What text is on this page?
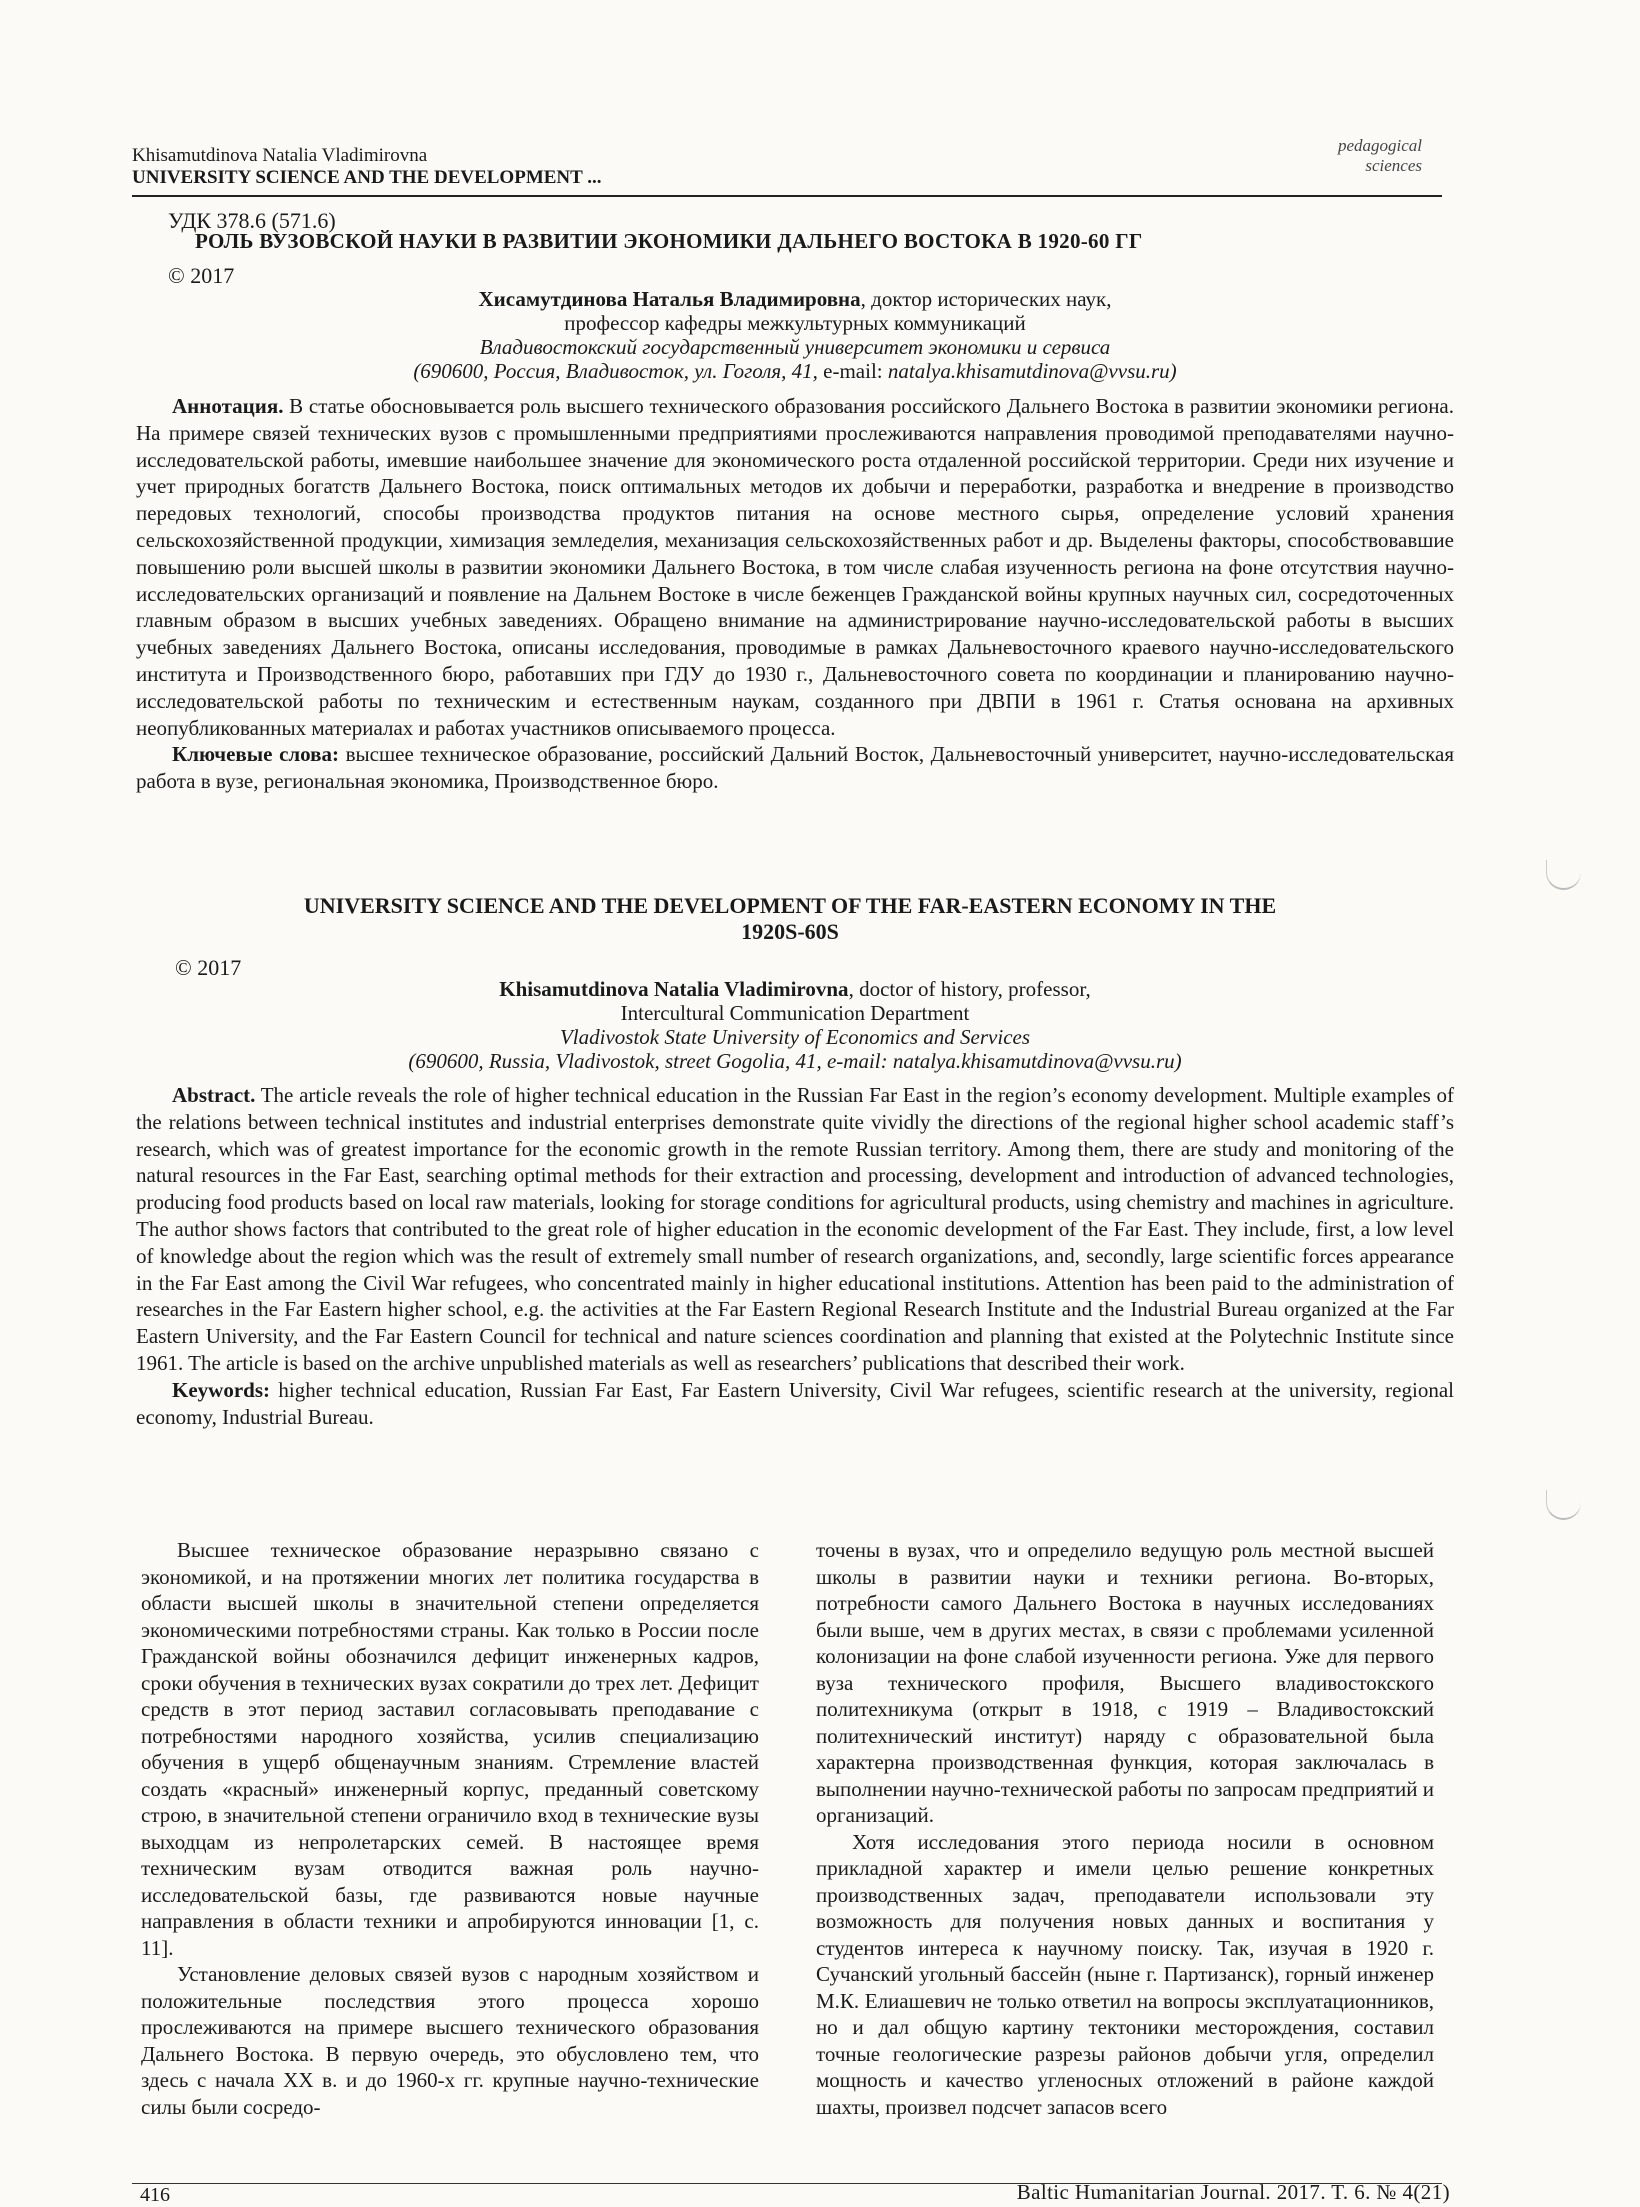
Khisamutdinova Natalia Vladimirovna
UNIVERSITY SCIENCE AND THE DEVELOPMENT ...
pedagogical
sciences
УДК 378.6 (571.6)
РОЛЬ ВУЗОВСКОЙ НАУКИ В РАЗВИТИИ ЭКОНОМИКИ ДАЛЬНЕГО ВОСТОКА В 1920-60 ГГ
© 2017
Хисамутдинова Наталья Владимировна, доктор исторических наук,
профессор кафедры межкультурных коммуникаций
Владивостокский государственный университет экономики и сервиса
(690600, Россия, Владивосток, ул. Гоголя, 41, e-mail: natalya.khisamutdinova@vvsu.ru)

Аннотация. В статье обосновывается роль высшего технического образования российского Дальнего Востока в развитии экономики региона. На примере связей технических вузов с промышленными предприятиями прослеживаются направления проводимой преподавателями научно-исследовательской работы, имевшие наибольшее значение для экономического роста отдаленной российской территории. Среди них изучение и учет природных богатств Дальнего Востока, поиск оптимальных методов их добычи и переработки, разработка и внедрение в производство передовых технологий, способы производства продуктов питания на основе местного сырья, определение условий хранения сельскохозяйственной продукции, химизация земледелия, механизация сельскохозяйственных работ и др. Выделены факторы, способствовавшие повышению роли высшей школы в развитии экономики Дальнего Востока, в том числе слабая изученность региона на фоне отсутствия научно-исследовательских организаций и появление на Дальнем Востоке в числе беженцев Гражданской войны крупных научных сил, сосредоточенных главным образом в высших учебных заведениях. Обращено внимание на администрирование научно-исследовательской работы в высших учебных заведениях Дальнего Востока, описаны исследования, проводимые в рамках Дальневосточного краевого научно-исследовательского института и Производственного бюро, работавших при ГДУ до 1930 г., Дальневосточного совета по координации и планированию научно-исследовательской работы по техническим и естественным наукам, созданного при ДВПИ в 1961 г. Статья основана на архивных неопубликованных материалах и работах участников описываемого процесса.

Ключевые слова: высшее техническое образование, российский Дальний Восток, Дальневосточный университет, научно-исследовательская работа в вузе, региональная экономика, Производственное бюро.

UNIVERSITY SCIENCE AND THE DEVELOPMENT OF THE FAR-EASTERN ECONOMY IN THE 1920S-60S
© 2017
Khisamutdinova Natalia Vladimirovna, doctor of history, professor,
Intercultural Communication Department
Vladivostok State University of Economics and Services
(690600, Russia, Vladivostok, street Gogolia, 41, e-mail: natalya.khisamutdinova@vvsu.ru)

Abstract. The article reveals the role of higher technical education in the Russian Far East in the region’s economy development. Multiple examples of the relations between technical institutes and industrial enterprises demonstrate quite vividly the directions of the regional higher school academic staff’s research, which was of greatest importance for the economic growth in the remote Russian territory. Among them, there are study and monitoring of the natural resources in the Far East, searching optimal methods for their extraction and processing, development and introduction of advanced technologies, producing food products based on local raw materials, looking for storage conditions for agricultural products, using chemistry and machines in agriculture. The author shows factors that contributed to the great role of higher education in the economic development of the Far East. They include, first, a low level of knowledge about the region which was the result of extremely small number of research organizations, and, secondly, large scientific forces appearance in the Far East among the Civil War refugees, who concentrated mainly in higher educational institutions. Attention has been paid to the administration of researches in the Far Eastern higher school, e.g. the activities at the Far Eastern Regional Research Institute and the Industrial Bureau organized at the Far Eastern University, and the Far Eastern Council for technical and nature sciences coordination and planning that existed at the Polytechnic Institute since 1961. The article is based on the archive unpublished materials as well as researchers’ publications that described their work.

Keywords: higher technical education, Russian Far East, Far Eastern University, Civil War refugees, scientific research at the university, regional economy, Industrial Bureau.

Высшее техническое образование неразрывно связано с экономикой, и на протяжении многих лет политика государства в области высшей школы в значительной степени определяется экономическими потребностями страны. Как только в России после Гражданской войны обозначился дефицит инженерных кадров, сроки обучения в технических вузах сократили до трех лет. Дефицит средств в этот период заставил согласовывать преподавание с потребностями народного хозяйства, усилив специализацию обучения в ущерб общенаучным знаниям. Стремление властей создать «красный» инженерный корпус, преданный советскому строю, в значительной степени ограничило вход в технические вузы выходцам из непролетарских семей. В настоящее время техническим вузам отводится важная роль научно-исследовательской базы, где развиваются новые научные направления в области техники и апробируются инновации [1, с. 11].

Установление деловых связей вузов с народным хозяйством и положительные последствия этого процесса хорошо прослеживаются на примере высшего технического образования Дальнего Востока. В первую очередь, это обусловлено тем, что здесь с начала XX в. и до 1960-х гг. крупные научно-технические силы были сосредо-

точены в вузах, что и определило ведущую роль местной высшей школы в развитии науки и техники региона. Во-вторых, потребности самого Дальнего Востока в научных исследованиях были выше, чем в других местах, в связи с проблемами усиленной колонизации на фоне слабой изученности региона. Уже для первого вуза технического профиля, Высшего владивостокского политехникума (открыт в 1918, с 1919 – Владивостокский политехнический институт) наряду с образовательной была характерна производственная функция, которая заключалась в выполнении научно-технической работы по запросам предприятий и организаций.

Хотя исследования этого периода носили в основном прикладной характер и имели целью решение конкретных производственных задач, преподаватели использовали эту возможность для получения новых данных и воспитания у студентов интереса к научному поиску. Так, изучая в 1920 г. Сучанский угольный бассейн (ныне г. Партизанск), горный инженер М.К. Елиашевич не только ответил на вопросы эксплуатационников, но и дал общую картину тектоники месторождения, составил точные геологические разрезы районов добычи угля, определил мощность и качество угленосных отложений в районе каждой шахты, произвел подсчет запасов всего

416	Baltic Humanitarian Journal. 2017. T. 6. № 4(21)
